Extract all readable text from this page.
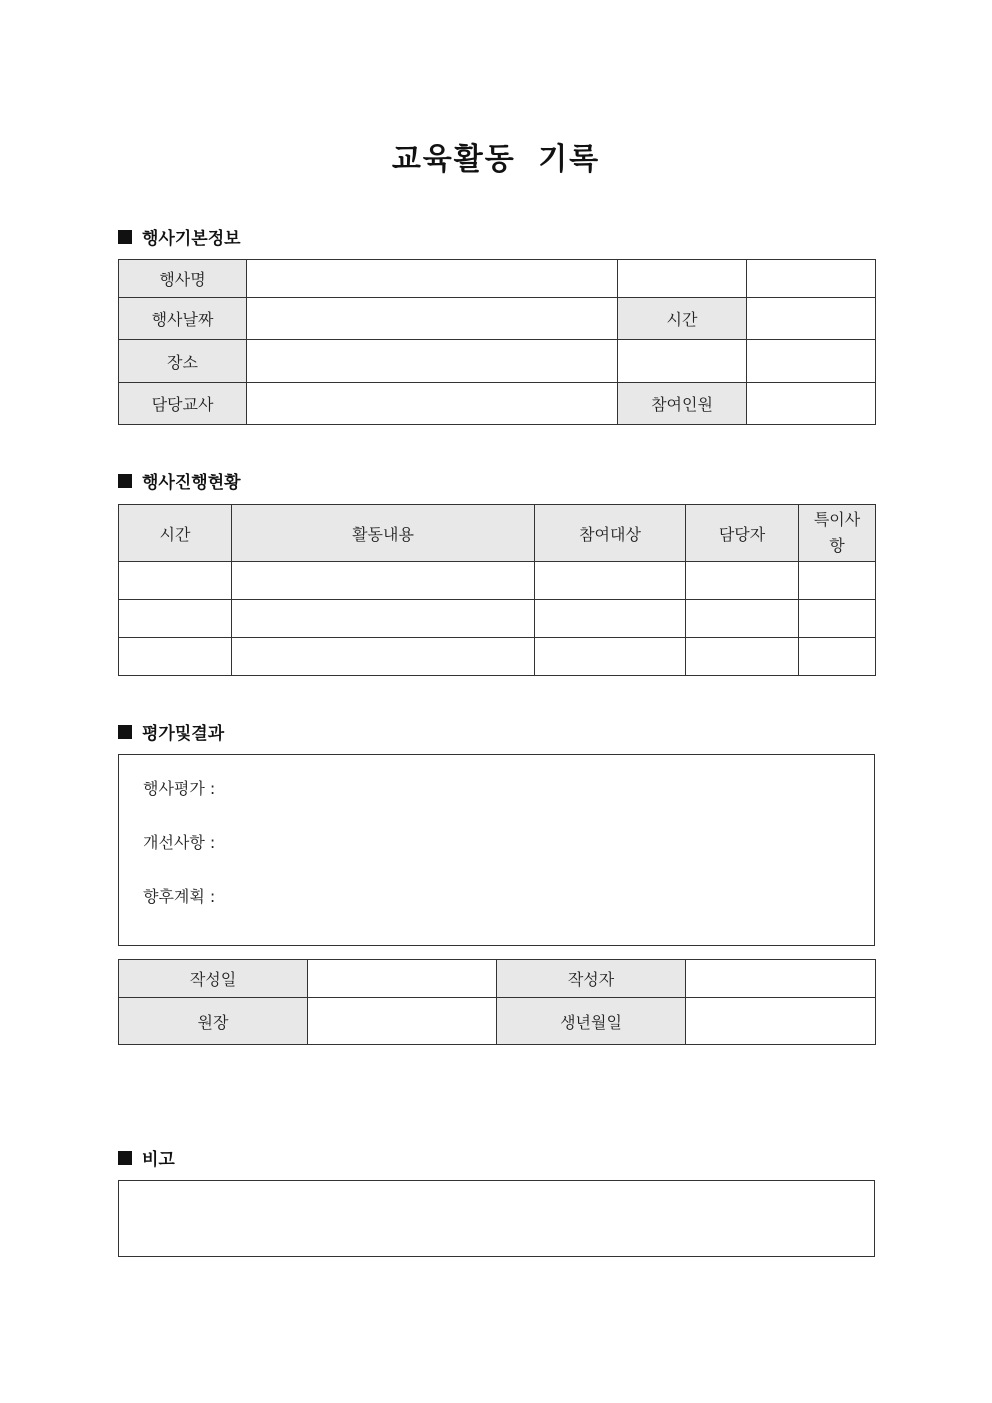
교육활동 기록
행사기본정보
행사명			
행사날짜		시간	
장소			
담당교사		참여인원	
행사진행현황
시간	활동내용	참여대상	담당자	특이사
항

평가및결과
행사평가 :
개선사항 :
향후계획 :
작성일		작성자	
원장		생년월일	
비고
